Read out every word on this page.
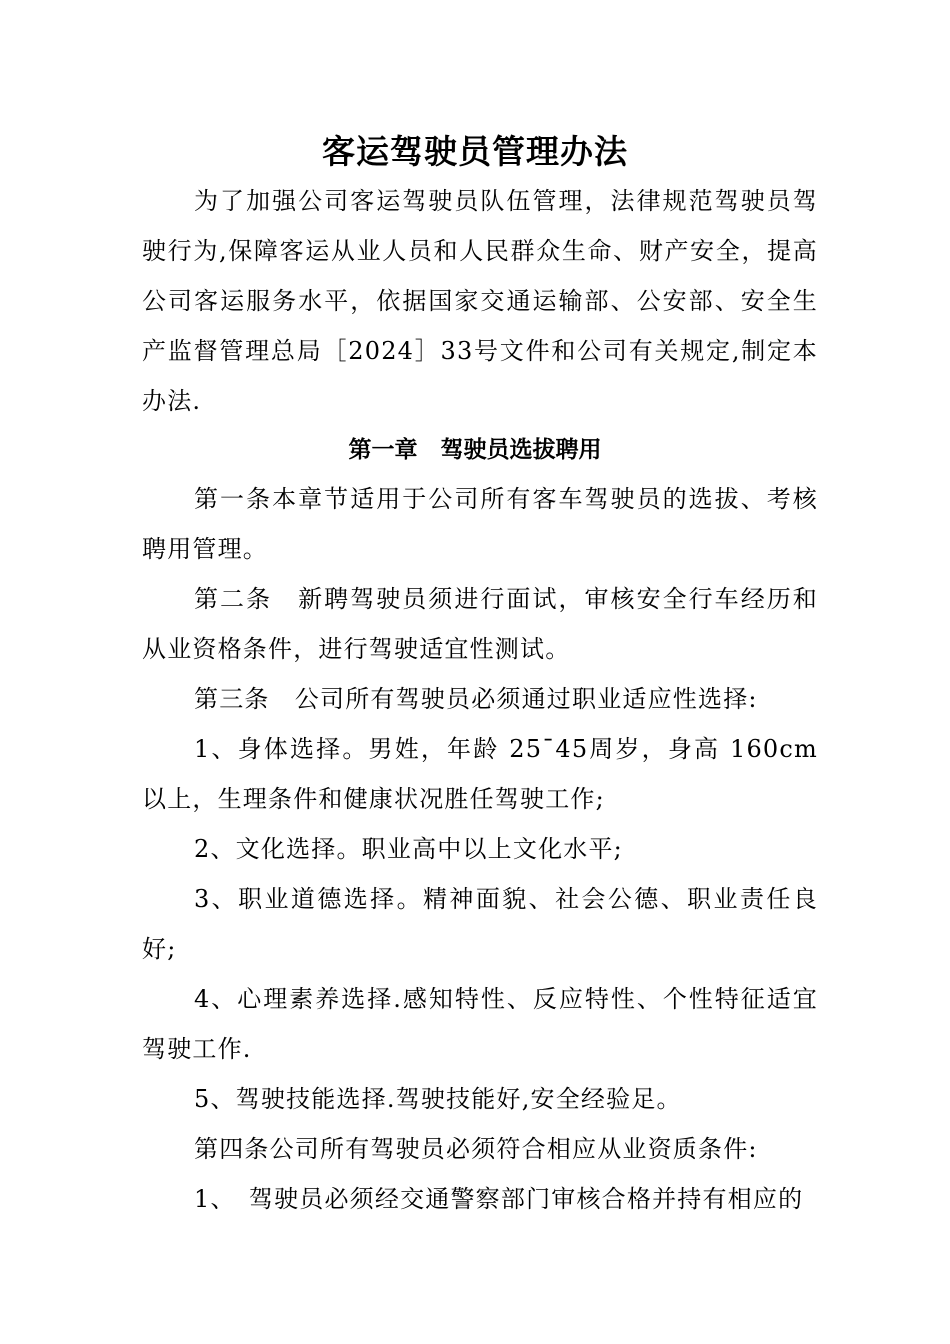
客运驾驶员管理办法

为了加强公司客运驾驶员队伍管理，法律规范驾驶员驾驶行为,保障客运从业人员和人民群众生命、财产安全，提高公司客运服务水平，依据国家交通运输部、公安部、安全生产监督管理总局［2024］33号文件和公司有关规定,制定本办法.

第一章　驾驶员选拔聘用

第一条本章节适用于公司所有客车驾驶员的选拔、考核聘用管理。

第二条　新聘驾驶员须进行面试，审核安全行车经历和从业资格条件，进行驾驶适宜性测试。

第三条　公司所有驾驶员必须通过职业适应性选择:

1、身体选择。男姓，年龄 25¯45周岁，身高 160cm 以上，生理条件和健康状况胜任驾驶工作;

2、文化选择。职业高中以上文化水平;

3、职业道德选择。精神面貌、社会公德、职业责任良好;

4、心理素养选择.感知特性、反应特性、个性特征适宜驾驶工作.

5、驾驶技能选择.驾驶技能好,安全经验足。

第四条公司所有驾驶员必须符合相应从业资质条件:

1、　驾驶员必须经交通警察部门审核合格并持有相应的
